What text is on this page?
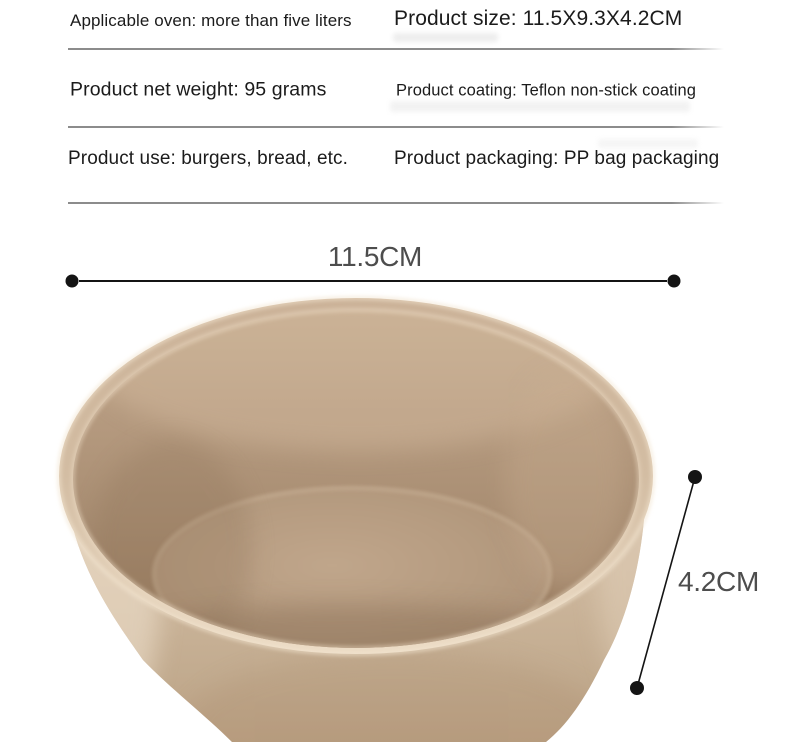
Applicable oven: more than five liters Product size: 11.5X9.3X4.2CM
Product net weight: 95 grams	Product coating: Teflon non-stick coating
Product use: burgers, bread, etc. Product packaging: PP bag packaging
11.5CM
4.2CM
